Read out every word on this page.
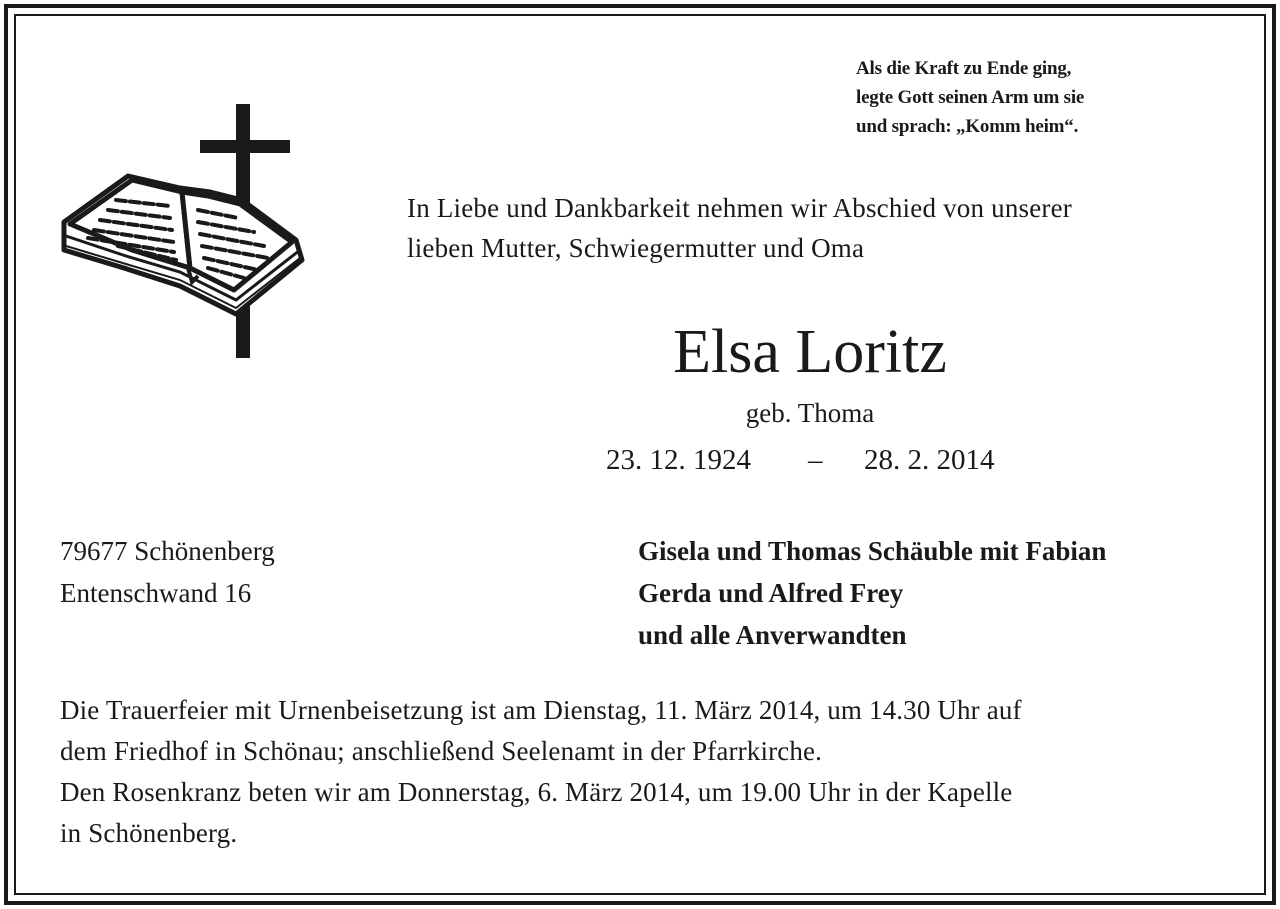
Als die Kraft zu Ende ging,
legte Gott seinen Arm um sie
und sprach: „Komm heim“.
In Liebe und Dankbarkeit nehmen wir Abschied von unserer
lieben Mutter, Schwiegermutter und Oma
Elsa Loritz
geb. Thoma
23. 12. 1924 – 28. 2. 2014
79677 Schönenberg
Entenschwand 16
Gisela und Thomas Schäuble mit Fabian
Gerda und Alfred Frey
und alle Anverwandten
Die Trauerfeier mit Urnenbeisetzung ist am Dienstag, 11. März 2014, um 14.30 Uhr auf
dem Friedhof in Schönau; anschließend Seelenamt in der Pfarrkirche.
Den Rosenkranz beten wir am Donnerstag, 6. März 2014, um 19.00 Uhr in der Kapelle
in Schönenberg.
